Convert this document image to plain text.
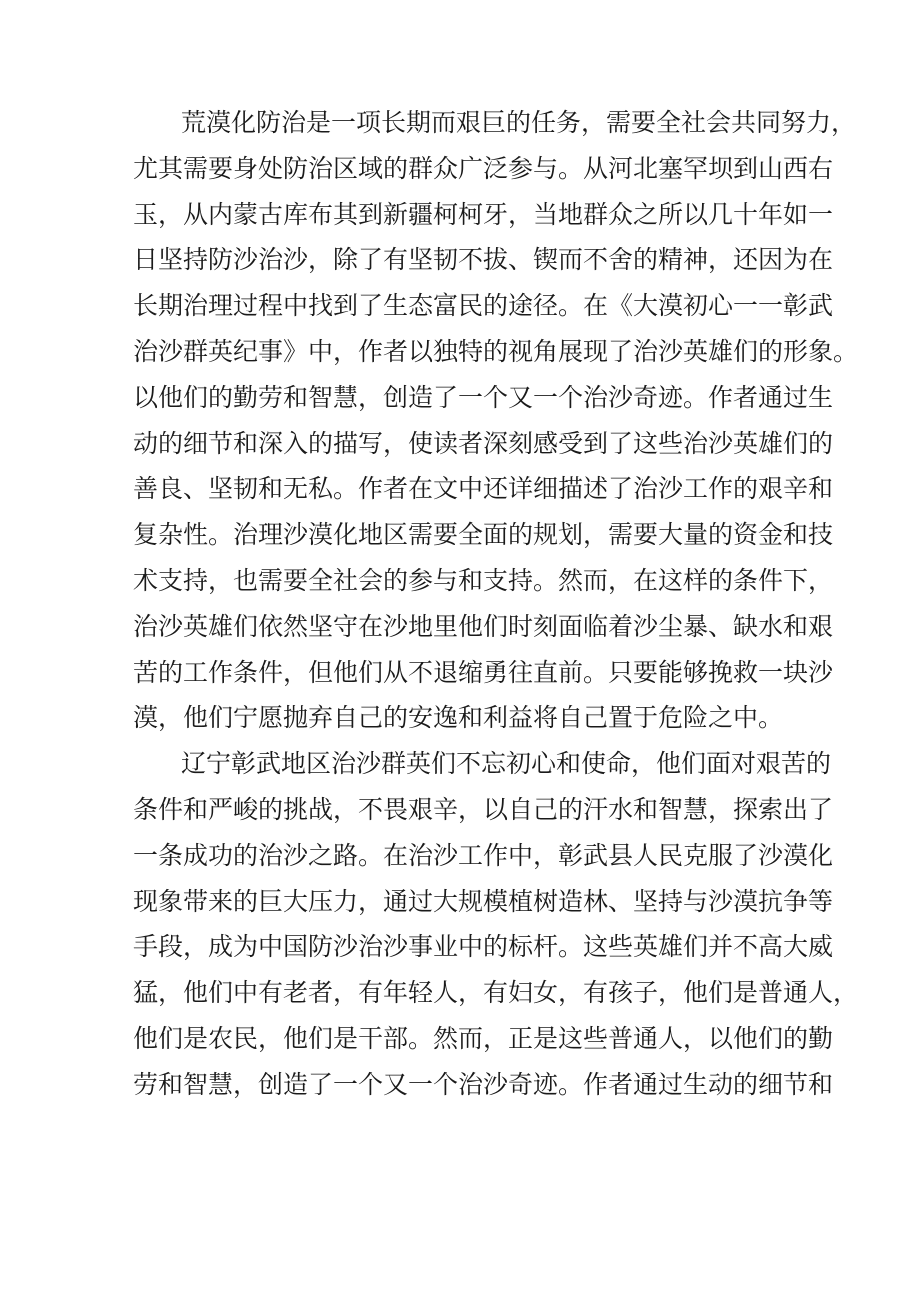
荒漠化防治是一项长期而艰巨的任务，需要全社会共同努力，
尤其需要身处防治区域的群众广泛参与。从河北塞罕坝到山西右
玉，从内蒙古库布其到新疆柯柯牙，当地群众之所以几十年如一
日坚持防沙治沙，除了有坚韧不拔、锲而不舍的精神，还因为在
长期治理过程中找到了生态富民的途径。在《大漠初心一一彰武
治沙群英纪事》中，作者以独特的视角展现了治沙英雄们的形象。
以他们的勤劳和智慧，创造了一个又一个治沙奇迹。作者通过生
动的细节和深入的描写，使读者深刻感受到了这些治沙英雄们的
善良、坚韧和无私。作者在文中还详细描述了治沙工作的艰辛和
复杂性。治理沙漠化地区需要全面的规划，需要大量的资金和技
术支持，也需要全社会的参与和支持。然而，在这样的条件下，
治沙英雄们依然坚守在沙地里他们时刻面临着沙尘暴、缺水和艰
苦的工作条件，但他们从不退缩勇往直前。只要能够挽救一块沙
漠，他们宁愿抛弃自己的安逸和利益将自己置于危险之中。
辽宁彰武地区治沙群英们不忘初心和使命，他们面对艰苦的
条件和严峻的挑战，不畏艰辛，以自己的汗水和智慧，探索出了
一条成功的治沙之路。在治沙工作中，彰武县人民克服了沙漠化
现象带来的巨大压力，通过大规模植树造林、坚持与沙漠抗争等
手段，成为中国防沙治沙事业中的标杆。这些英雄们并不高大威
猛，他们中有老者，有年轻人，有妇女，有孩子，他们是普通人，
他们是农民，他们是干部。然而，正是这些普通人，以他们的勤
劳和智慧，创造了一个又一个治沙奇迹。作者通过生动的细节和
